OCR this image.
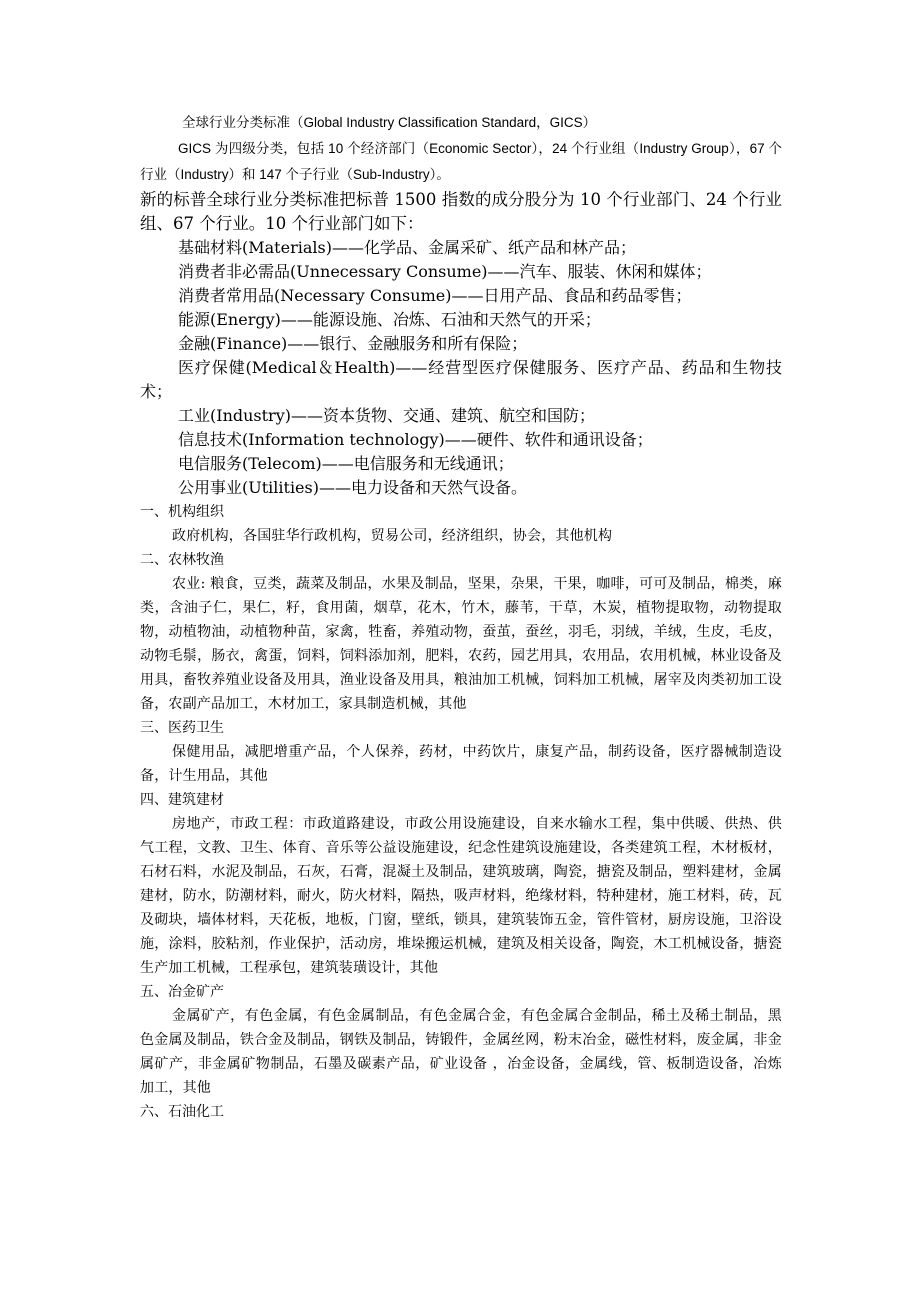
全球行业分类标准（Global Industry Classification Standard，GICS）

GICS 为四级分类，包括 10 个经济部门（Economic Sector），24 个行业组（Industry Group），67 个行业（Industry）和 147 个子行业（Sub-Industry）。

新的标普全球行业分类标准把标普 1500 指数的成分股分为 10 个行业部门、24 个行业组、67 个行业。10 个行业部门如下：

基础材料(Materials)——化学品、金属采矿、纸产品和林产品；

消费者非必需品(Unnecessary Consume)——汽车、服装、休闲和媒体；

消费者常用品(Necessary Consume)——日用产品、食品和药品零售；

能源(Energy)——能源设施、冶炼、石油和天然气的开采；

金融(Finance)——银行、金融服务和所有保险；

医疗保健(Medical＆Health)——经营型医疗保健服务、医疗产品、药品和生物技术；

工业(Industry)——资本货物、交通、建筑、航空和国防；

信息技术(Information technology)——硬件、软件和通讯设备；

电信服务(Telecom)——电信服务和无线通讯；

公用事业(Utilities)——电力设备和天然气设备。

一、机构组织

政府机构，各国驻华行政机构，贸易公司，经济组织，协会，其他机构

二、农林牧渔

农业: 粮食，豆类，蔬菜及制品，水果及制品，坚果，杂果，干果，咖啡，可可及制品，棉类，麻类，含油子仁，果仁，籽，食用菌，烟草，花木，竹木，藤苇，干草，木炭，植物提取物，动物提取物，动植物油，动植物种苗，家禽，牲畜，养殖动物，蚕茧，蚕丝，羽毛，羽绒，羊绒，生皮，毛皮，动物毛鬃，肠衣，禽蛋，饲料，饲料添加剂，肥料，农药，园艺用具，农用品，农用机械，林业设备及用具，畜牧养殖业设备及用具，渔业设备及用具，粮油加工机械，饲料加工机械，屠宰及肉类初加工设备，农副产品加工，木材加工，家具制造机械，其他

三、医药卫生

保健用品，减肥增重产品，个人保养，药材，中药饮片，康复产品，制药设备，医疗器械制造设备，计生用品，其他

四、建筑建材

房地产，市政工程：市政道路建设，市政公用设施建设，自来水输水工程，集中供暖、供热、供气工程，文教、卫生、体育、音乐等公益设施建设，纪念性建筑设施建设，各类建筑工程，木材板材，石材石料，水泥及制品，石灰，石膏，混凝土及制品，建筑玻璃，陶瓷，搪瓷及制品，塑料建材，金属建材，防水，防潮材料，耐火，防火材料，隔热，吸声材料，绝缘材料，特种建材，施工材料，砖，瓦及砌块，墙体材料，天花板，地板，门窗，壁纸，锁具，建筑装饰五金，管件管材，厨房设施，卫浴设施，涂料，胶粘剂，作业保护，活动房，堆垛搬运机械，建筑及相关设备，陶瓷，木工机械设备，搪瓷生产加工机械，工程承包，建筑装璜设计，其他

五、冶金矿产

金属矿产，有色金属，有色金属制品，有色金属合金，有色金属合金制品，稀土及稀土制品，黑色金属及制品，铁合金及制品，钢铁及制品，铸锻件，金属丝网，粉末冶金，磁性材料，废金属，非金属矿产，非金属矿物制品，石墨及碳素产品，矿业设备 ，冶金设备，金属线，管、板制造设备，冶炼加工，其他

六、石油化工
